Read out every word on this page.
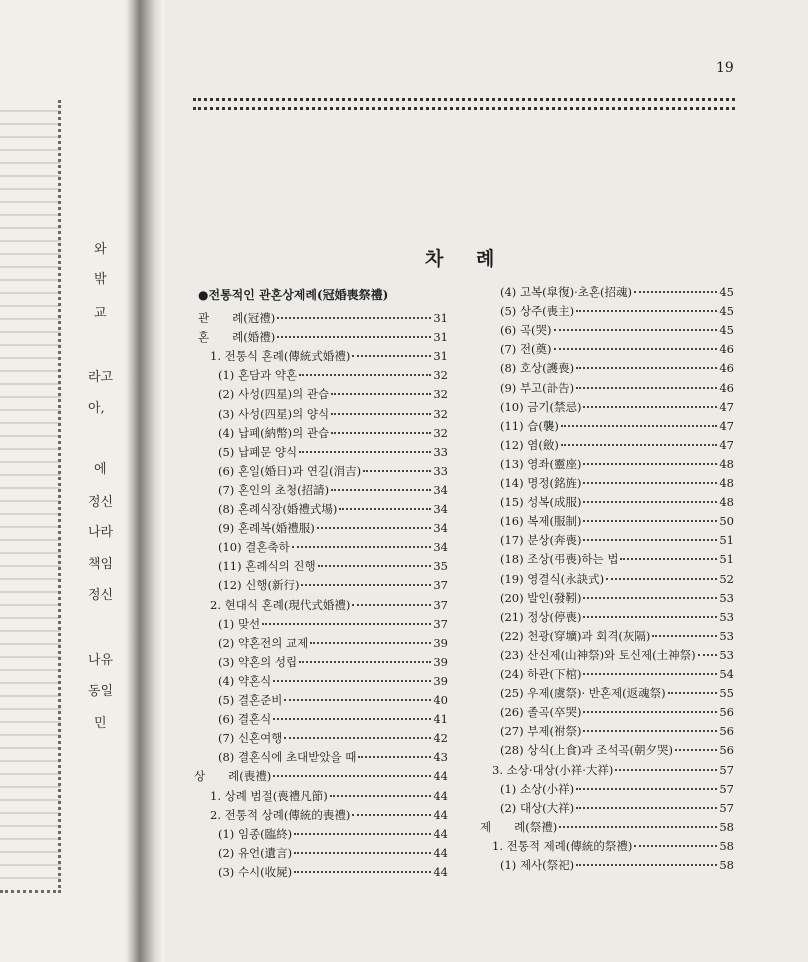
와
밖
교
라고
아,
에
정신
나라
책임
정신
나유
동일
민
19
차 례
●전통적인 관혼상제례(冠婚喪祭禮)
관　　례(冠禮)	31
혼　　례(婚禮)	31
1. 전통식 혼례(傳統式婚禮)	31
(1) 혼담과 약혼	32
(2) 사성(四星)의 관습	32
(3) 사성(四星)의 양식	32
(4) 납폐(納幣)의 관습	32
(5) 납폐문 양식	33
(6) 혼일(婚日)과 연길(涓吉)	33
(7) 혼인의 초청(招請)	34
(8) 혼례식장(婚禮式場)	34
(9) 혼례복(婚禮服)	34
(10) 결혼축하	34
(11) 혼례식의 진행	35
(12) 신행(新行)	37
2. 현대식 혼례(現代式婚禮)	37
(1) 맞선	37
(2) 약혼전의 교제	39
(3) 약혼의 성립	39
(4) 약혼식	39
(5) 결혼준비	40
(6) 결혼식	41
(7) 신혼여행	42
(8) 결혼식에 초대받았을 때	43
상　　례(喪禮)	44
1. 상례 범절(喪禮凡節)	44
2. 전통적 상례(傳統的喪禮)	44
(1) 임종(臨終)	44
(2) 유언(遺言)	44
(3) 수시(收屍)	44
(4) 고복(皐復)·초혼(招魂)	45
(5) 상주(喪主)	45
(6) 곡(哭)	45
(7) 전(奠)	46
(8) 호상(護喪)	46
(9) 부고(訃告)	46
(10) 금기(禁忌)	47
(11) 습(襲)	47
(12) 염(斂)	47
(13) 영좌(靈座)	48
(14) 명정(銘旌)	48
(15) 성복(成服)	48
(16) 복제(服制)	50
(17) 분상(奔喪)	51
(18) 조상(弔喪)하는 법	51
(19) 영결식(永訣式)	52
(20) 발인(發靷)	53
(21) 정상(停喪)	53
(22) 천광(穿壙)과 회격(灰隔)	53
(23) 산신제(山神祭)와 토신제(土神祭) 53
(24) 하관(下棺)	54
(25) 우제(虞祭)· 반혼제(返魂祭)	55
(26) 졸곡(卒哭)	56
(27) 부제(祔祭)	56
(28) 상식(上食)과 조석곡(朝夕哭)	56
3. 소상·대상(小祥·大祥)	57
(1) 소상(小祥)	57
(2) 대상(大祥)	57
제　　례(祭禮)	58
1. 전통적 제례(傳統的祭禮)	58
(1) 제사(祭祀)	58
